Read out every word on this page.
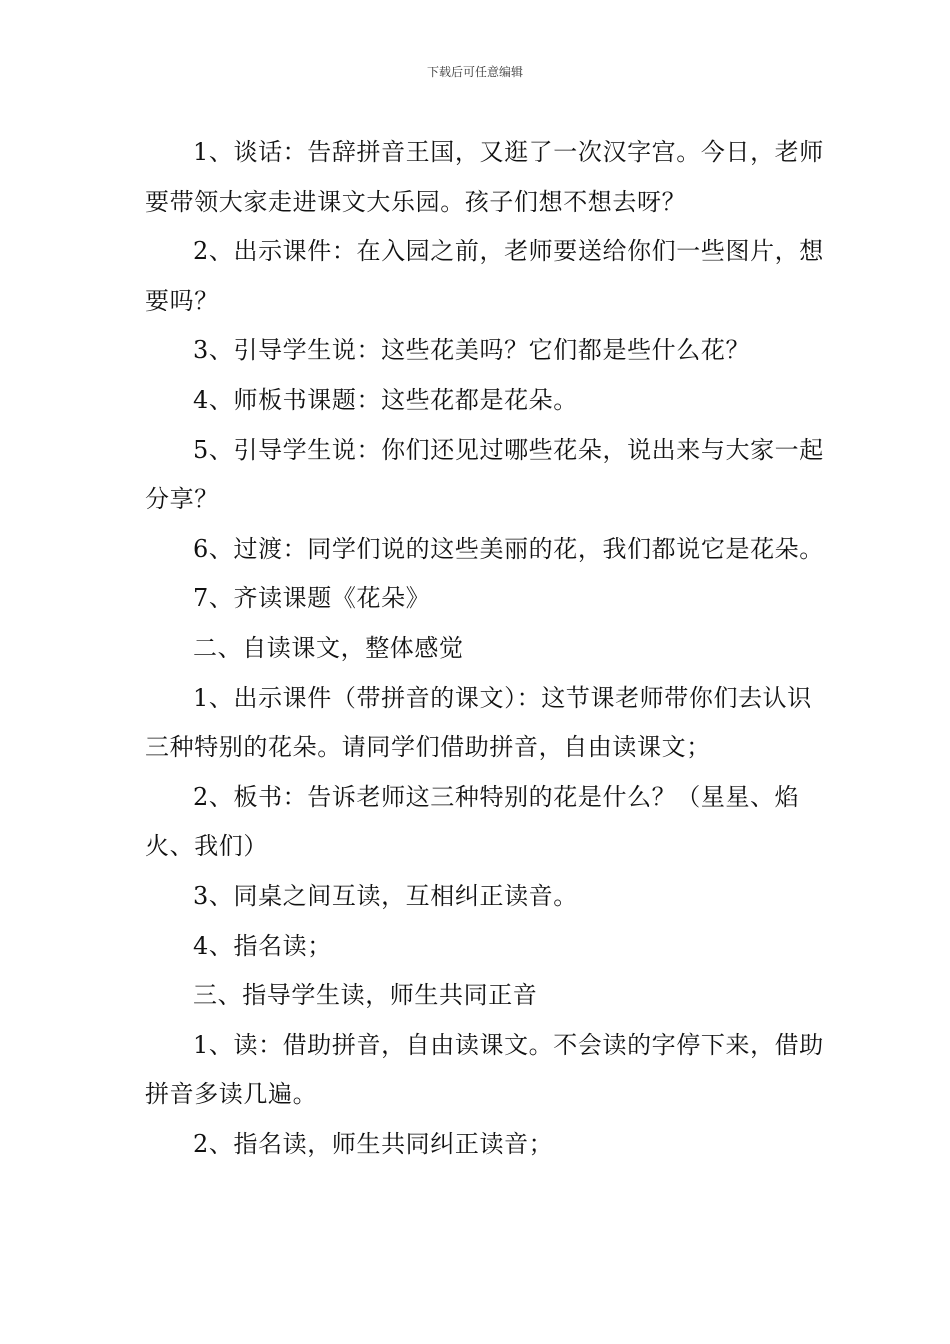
下载后可任意编辑

1、谈话：告辞拼音王国，又逛了一次汉字宫。今日，老师要带领大家走进课文大乐园。孩子们想不想去呀？

2、出示课件：在入园之前，老师要送给你们一些图片，想要吗？

3、引导学生说：这些花美吗？它们都是些什么花？

4、师板书课题：这些花都是花朵。

5、引导学生说：你们还见过哪些花朵，说出来与大家一起分享？

6、过渡：同学们说的这些美丽的花，我们都说它是花朵。

7、齐读课题《花朵》

二、自读课文，整体感觉

1、出示课件（带拼音的课文）：这节课老师带你们去认识三种特别的花朵。请同学们借助拼音，自由读课文；

2、板书：告诉老师这三种特别的花是什么？（星星、焰火、我们）

3、同桌之间互读，互相纠正读音。

4、指名读；

三、指导学生读，师生共同正音

1、读：借助拼音，自由读课文。不会读的字停下来，借助拼音多读几遍。

2、指名读，师生共同纠正读音；
